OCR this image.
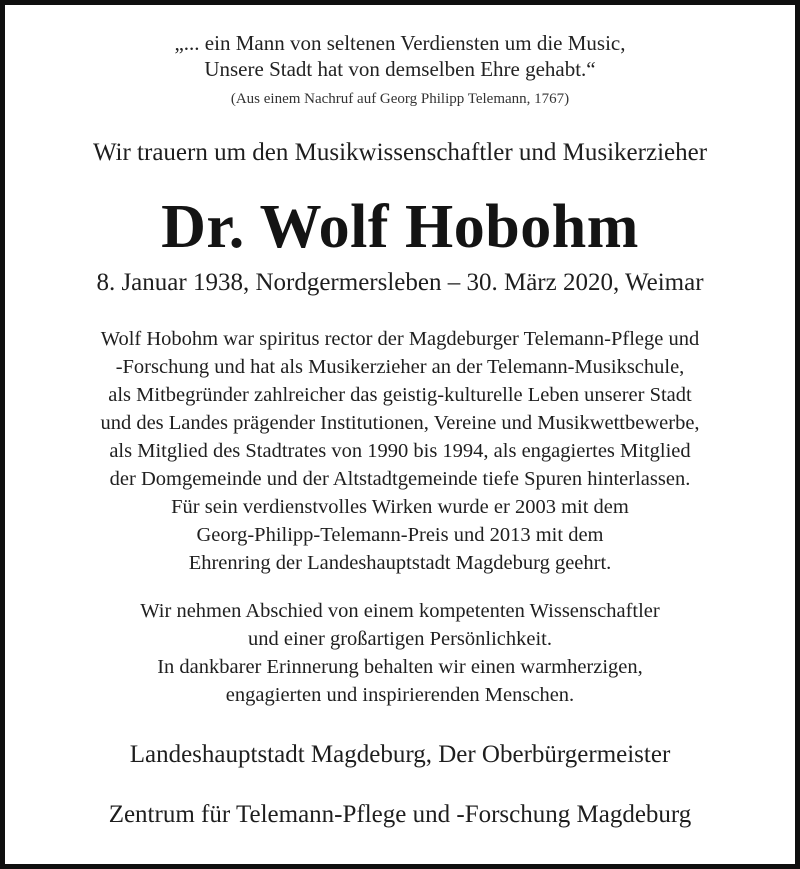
„... ein Mann von seltenen Verdiensten um die Music,
Unsere Stadt hat von demselben Ehre gehabt.“
(Aus einem Nachruf auf Georg Philipp Telemann, 1767)
Wir trauern um den Musikwissenschaftler und Musikerzieher
Dr. Wolf Hobohm
8. Januar 1938, Nordgermersleben – 30. März 2020, Weimar
Wolf Hobohm war spiritus rector der Magdeburger Telemann-Pflege und
-Forschung und hat als Musikerzieher an der Telemann-Musikschule,
als Mitbegründer zahlreicher das geistig-kulturelle Leben unserer Stadt
und des Landes prägender Institutionen, Vereine und Musikwettbewerbe,
als Mitglied des Stadtrates von 1990 bis 1994, als engagiertes Mitglied
der Domgemeinde und der Altstadtgemeinde tiefe Spuren hinterlassen.
Für sein verdienstvolles Wirken wurde er 2003 mit dem
Georg-Philipp-Telemann-Preis und 2013 mit dem
Ehrenring der Landeshauptstadt Magdeburg geehrt.
Wir nehmen Abschied von einem kompetenten Wissenschaftler
und einer großartigen Persönlichkeit.
In dankbarer Erinnerung behalten wir einen warmherzigen,
engagierten und inspirierenden Menschen.
Landeshauptstadt Magdeburg, Der Oberbürgermeister
Zentrum für Telemann-Pflege und -Forschung Magdeburg
